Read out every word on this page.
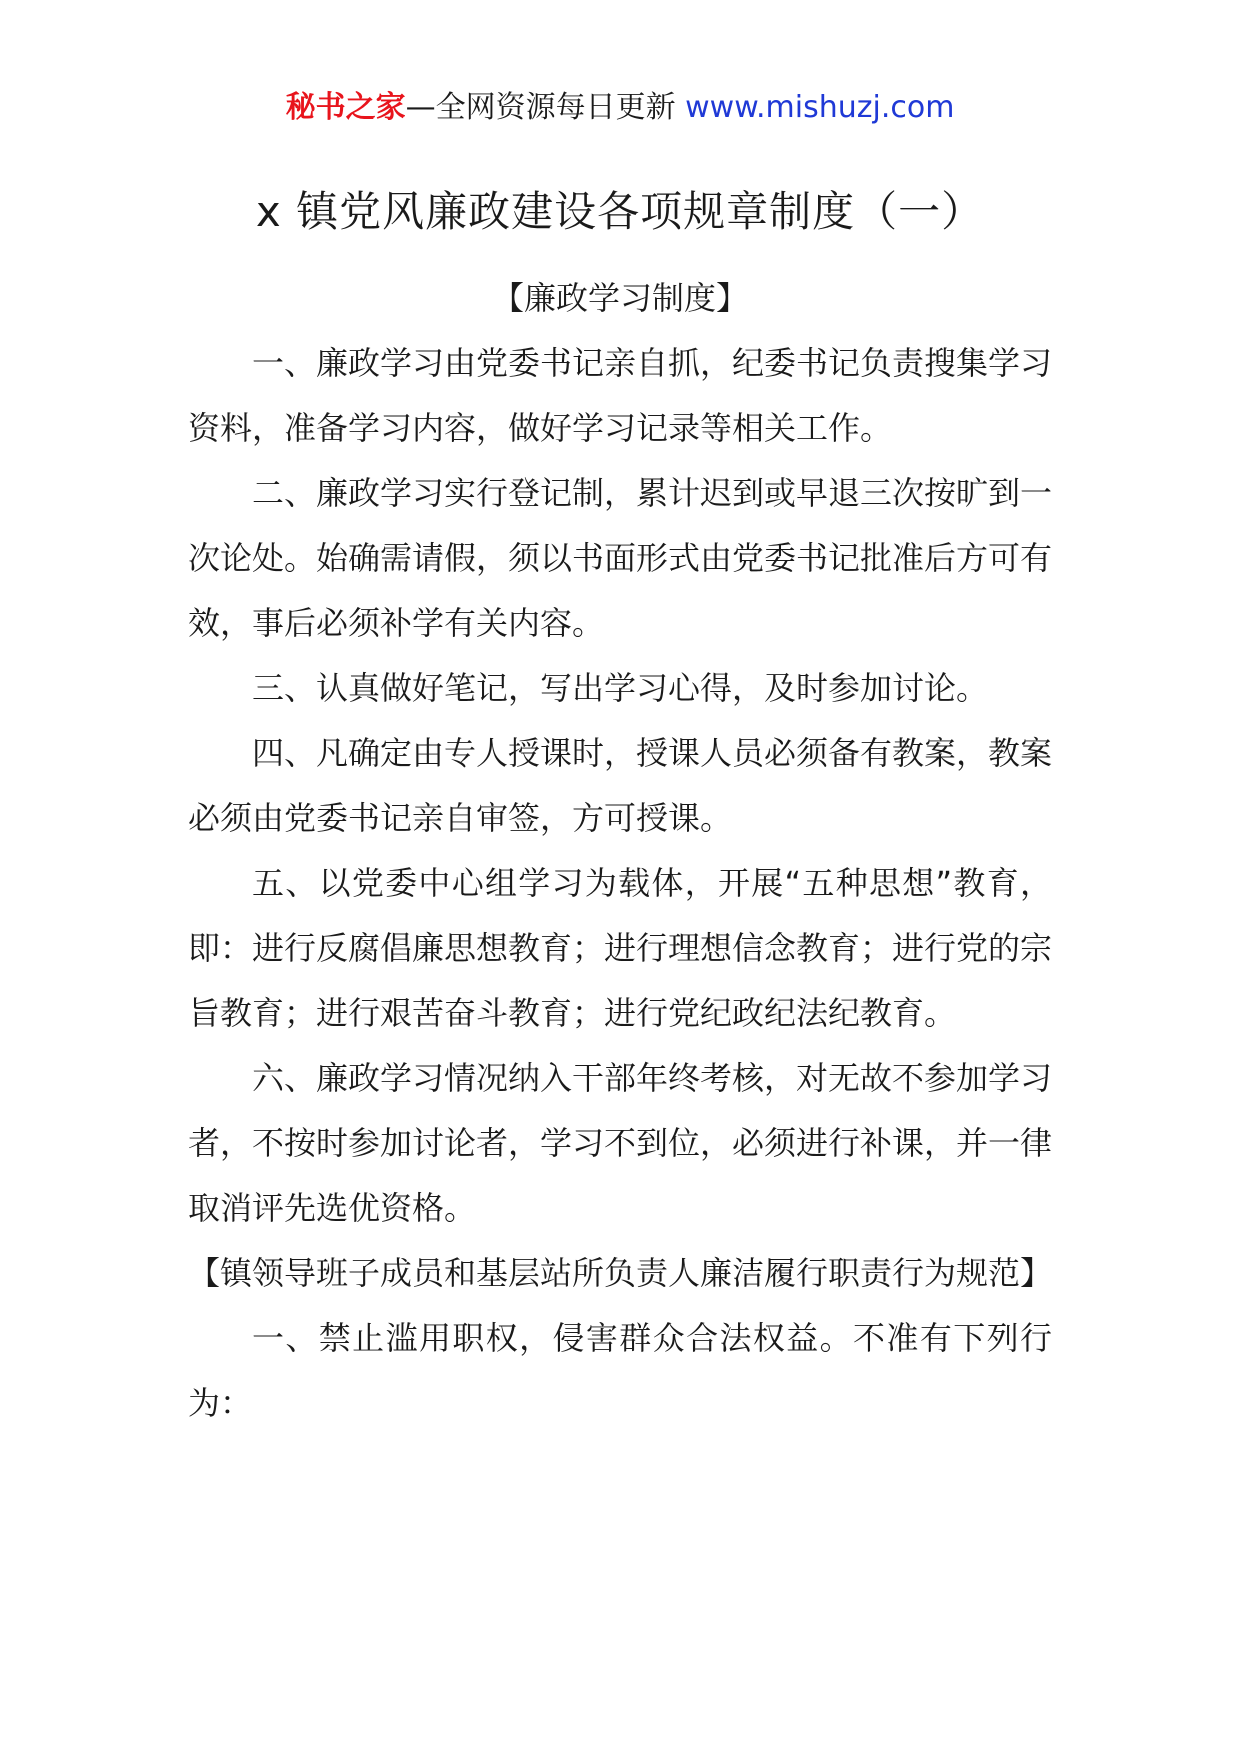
秘书之家—全网资源每日更新 www.mishuzj.com
x 镇党风廉政建设各项规章制度（一）

【廉政学习制度】

一、廉政学习由党委书记亲自抓，纪委书记负责搜集学习资料，准备学习内容，做好学习记录等相关工作。

二、廉政学习实行登记制，累计迟到或早退三次按旷到一次论处。始确需请假，须以书面形式由党委书记批准后方可有效，事后必须补学有关内容。

三、认真做好笔记，写出学习心得，及时参加讨论。

四、凡确定由专人授课时，授课人员必须备有教案，教案必须由党委书记亲自审签，方可授课。

五、以党委中心组学习为载体，开展“五种思想”教育，即：进行反腐倡廉思想教育；进行理想信念教育；进行党的宗旨教育；进行艰苦奋斗教育；进行党纪政纪法纪教育。

六、廉政学习情况纳入干部年终考核，对无故不参加学习者，不按时参加讨论者，学习不到位，必须进行补课，并一律取消评先选优资格。

【镇领导班子成员和基层站所负责人廉洁履行职责行为规范】

一、禁止滥用职权，侵害群众合法权益。不准有下列行为：
